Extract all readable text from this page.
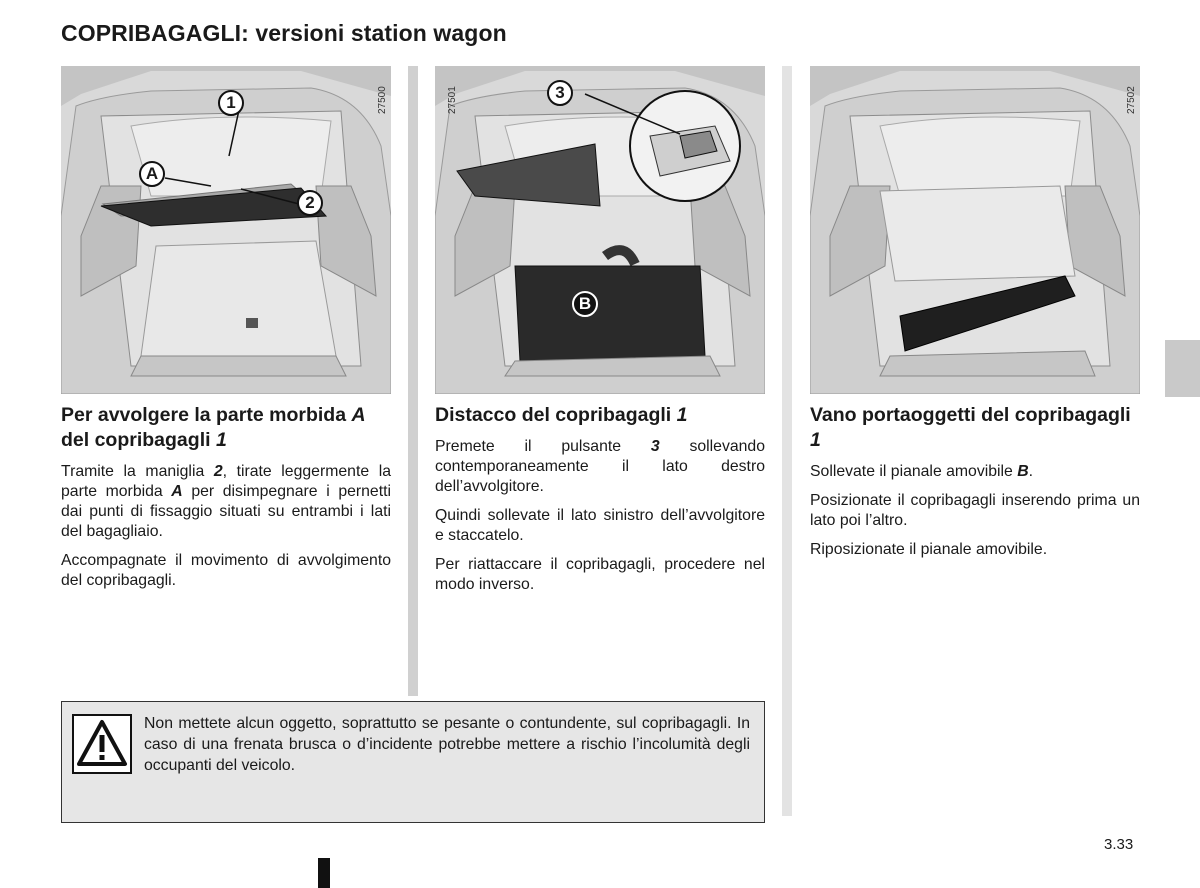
COPRIBAGAGLI: versioni station wagon
27500
1
A
2
Per avvolgere la parte morbida A del copribagagli 1

Tramite la maniglia 2, tirate leggermente la parte morbida A per disimpegnare i pernetti dai punti di fissaggio situati su entrambi i lati del bagagliaio.

Accompagnate il movimento di avvolgimento del copribagagli.

27501	3
B
Distacco del copribagagli 1

Premete il pulsante 3 sollevando contemporaneamente il lato destro dell’avvolgitore.

Quindi sollevate il lato sinistro dell’avvolgitore e staccatelo.

Per riattaccare il copribagagli, procedere nel modo inverso.

27502
Vano portaoggetti del copribagagli 1

Sollevate il pianale amovibile B.

Posizionate il copribagagli inserendo prima un lato poi l’altro.

Riposizionate il pianale amovibile.

Non mettete alcun oggetto, soprattutto se pesante o contundente, sul copribagagli. In caso di una frenata brusca o d’incidente potrebbe mettere a rischio l’incolumità degli occupanti del veicolo.
3.33
